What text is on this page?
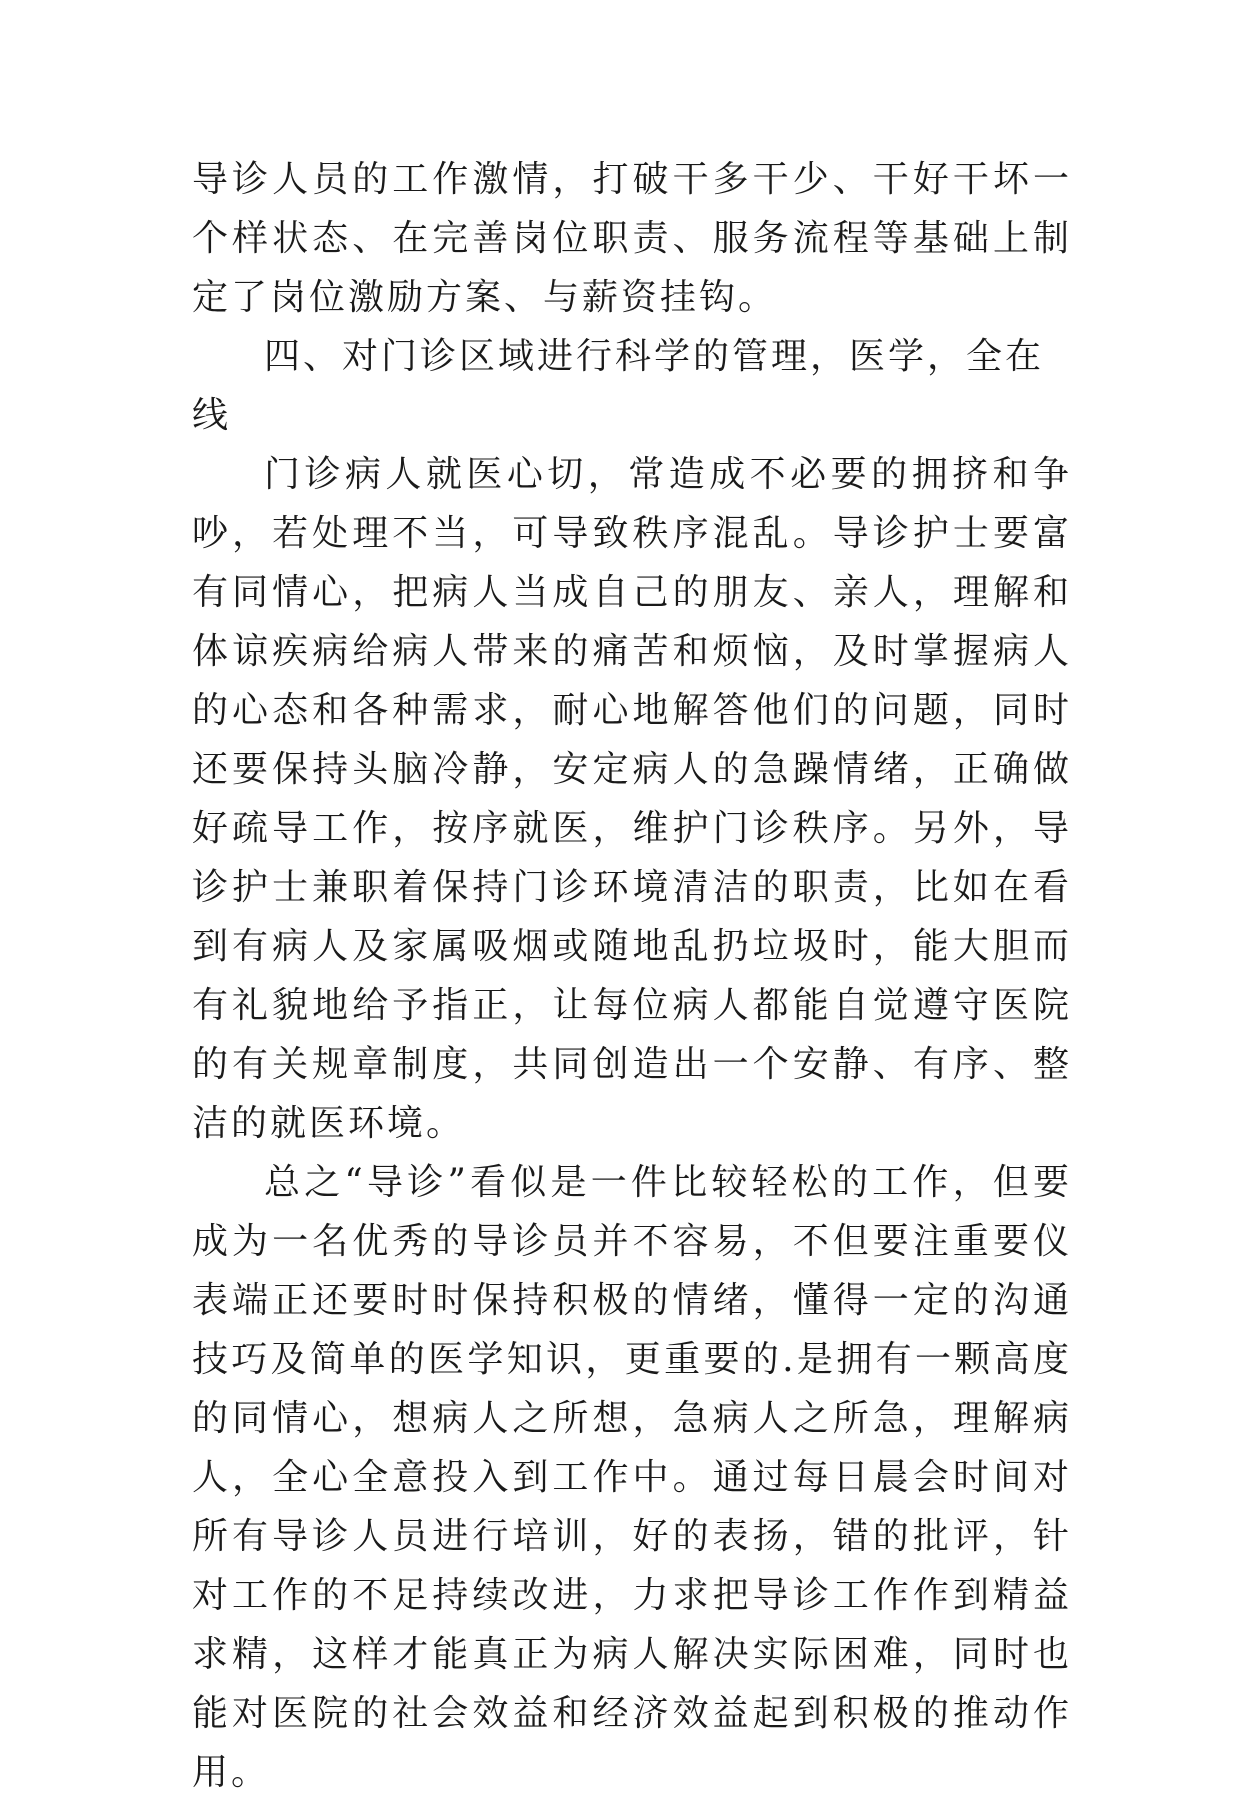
导诊人员的工作激情，打破干多干少、干好干坏一个样状态、在完善岗位职责、服务流程等基础上制定了岗位激励方案、与薪资挂钩。

四、对门诊区域进行科学的管理，医学，全在线

门诊病人就医心切，常造成不必要的拥挤和争吵，若处理不当，可导致秩序混乱。导诊护士要富有同情心，把病人当成自己的朋友、亲人，理解和体谅疾病给病人带来的痛苦和烦恼，及时掌握病人的心态和各种需求，耐心地解答他们的问题，同时还要保持头脑冷静，安定病人的急躁情绪，正确做好疏导工作，按序就医，维护门诊秩序。另外，导诊护士兼职着保持门诊环境清洁的职责，比如在看到有病人及家属吸烟或随地乱扔垃圾时，能大胆而有礼貌地给予指正，让每位病人都能自觉遵守医院的有关规章制度，共同创造出一个安静、有序、整洁的就医环境。

总之“导诊”看似是一件比较轻松的工作，但要成为一名优秀的导诊员并不容易，不但要注重要仪表端正还要时时保持积极的情绪，懂得一定的沟通技巧及简单的医学知识，更重要的.是拥有一颗高度的同情心，想病人之所想，急病人之所急，理解病人，全心全意投入到工作中。通过每日晨会时间对所有导诊人员进行培训，好的表扬，错的批评，针对工作的不足持续改进，力求把导诊工作作到精益求精，这样才能真正为病人解决实际困难，同时也能对医院的社会效益和经济效益起到积极的推动作用。
